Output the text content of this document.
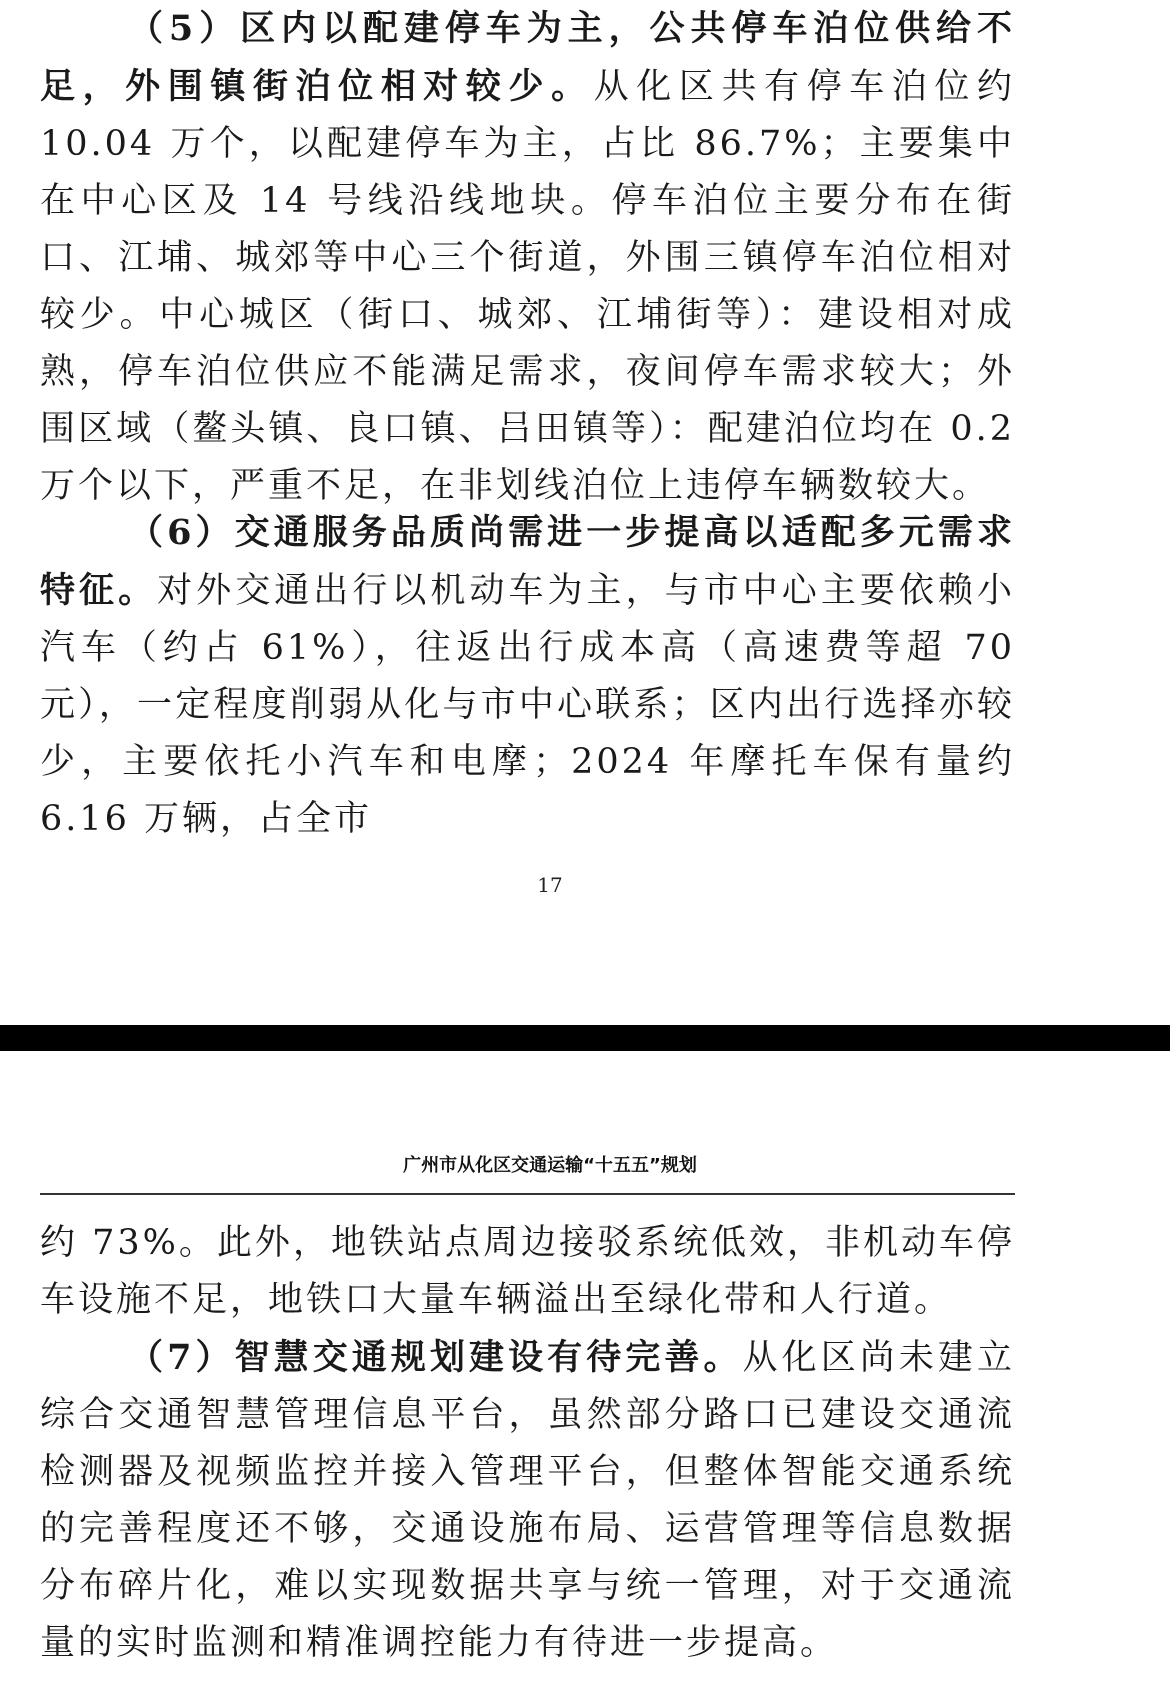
（5）区内以配建停车为主，公共停车泊位供给不足，外围镇街泊位相对较少。从化区共有停车泊位约 10.04 万个，以配建停车为主，占比 86.7%；主要集中在中心区及 14 号线沿线地块。停车泊位主要分布在街口、江埔、城郊等中心三个街道，外围三镇停车泊位相对较少。中心城区（街口、城郊、江埔街等）：建设相对成熟，停车泊位供应不能满足需求，夜间停车需求较大；外围区域（鳌头镇、良口镇、吕田镇等）：配建泊位均在 0.2 万个以下，严重不足，在非划线泊位上违停车辆数较大。

（6）交通服务品质尚需进一步提高以适配多元需求特征。对外交通出行以机动车为主，与市中心主要依赖小汽车（约占 61%），往返出行成本高（高速费等超 70 元），一定程度削弱从化与市中心联系；区内出行选择亦较少，主要依托小汽车和电摩；2024 年摩托车保有量约 6.16 万辆，占全市

17
广州市从化区交通运输“十五五”规划

约 73%。此外，地铁站点周边接驳系统低效，非机动车停车设施不足，地铁口大量车辆溢出至绿化带和人行道。

（7）智慧交通规划建设有待完善。从化区尚未建立综合交通智慧管理信息平台，虽然部分路口已建设交通流检测器及视频监控并接入管理平台，但整体智能交通系统的完善程度还不够，交通设施布局、运营管理等信息数据分布碎片化，难以实现数据共享与统一管理，对于交通流量的实时监测和精准调控能力有待进一步提高。
